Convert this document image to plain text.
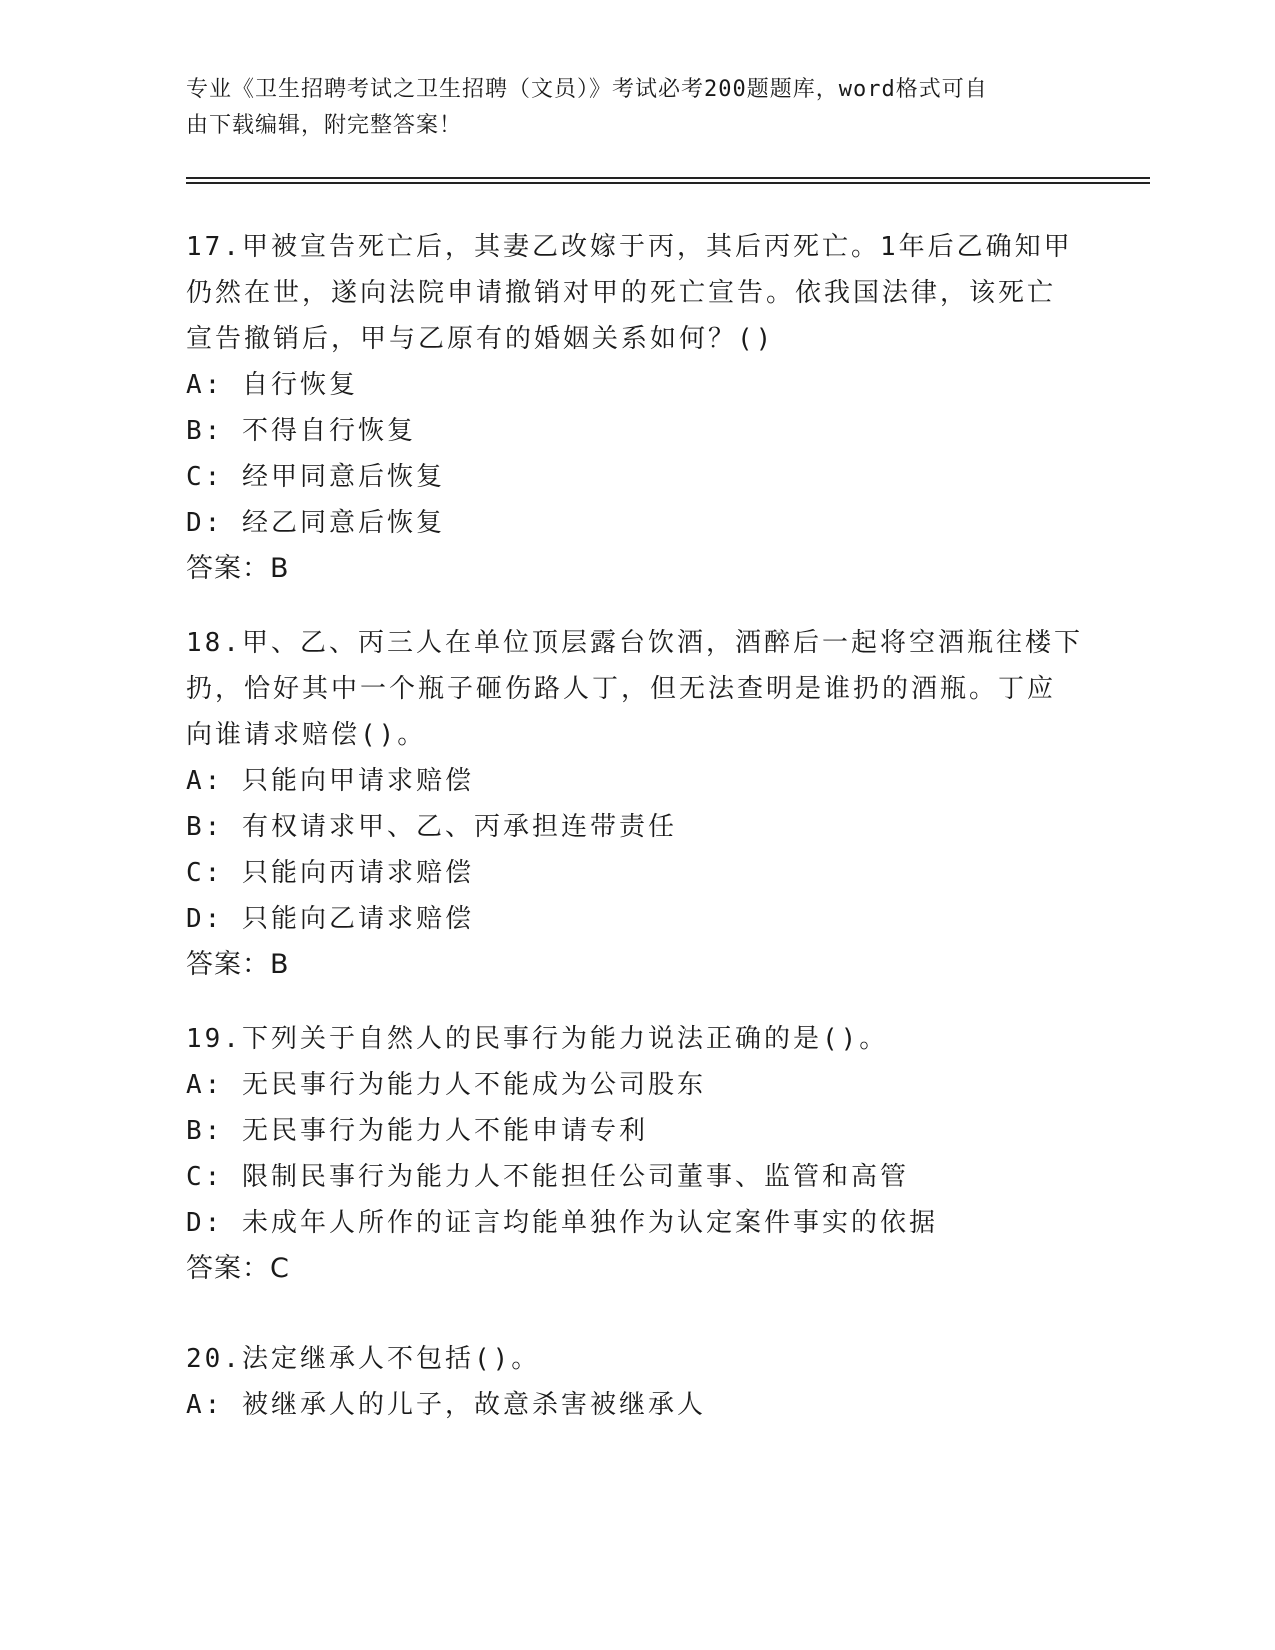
专业《卫生招聘考试之卫生招聘（文员）》考试必考200题题库，word格式可自
由下载编辑，附完整答案！

17.甲被宣告死亡后，其妻乙改嫁于丙，其后丙死亡。1年后乙确知甲

仍然在世，遂向法院申请撤销对甲的死亡宣告。依我国法律，该死亡

宣告撤销后，甲与乙原有的婚姻关系如何？()

A: 自行恢复

B: 不得自行恢复

C: 经甲同意后恢复

D: 经乙同意后恢复

答案：B

18.甲、乙、丙三人在单位顶层露台饮酒，酒醉后一起将空酒瓶往楼下

扔，恰好其中一个瓶子砸伤路人丁，但无法查明是谁扔的酒瓶。丁应

向谁请求赔偿()。

A: 只能向甲请求赔偿

B: 有权请求甲、乙、丙承担连带责任

C: 只能向丙请求赔偿

D: 只能向乙请求赔偿

答案：B

19.下列关于自然人的民事行为能力说法正确的是()。

A: 无民事行为能力人不能成为公司股东

B: 无民事行为能力人不能申请专利

C: 限制民事行为能力人不能担任公司董事、监管和高管

D: 未成年人所作的证言均能单独作为认定案件事实的依据

答案：C

20.法定继承人不包括()。

A: 被继承人的儿子，故意杀害被继承人
